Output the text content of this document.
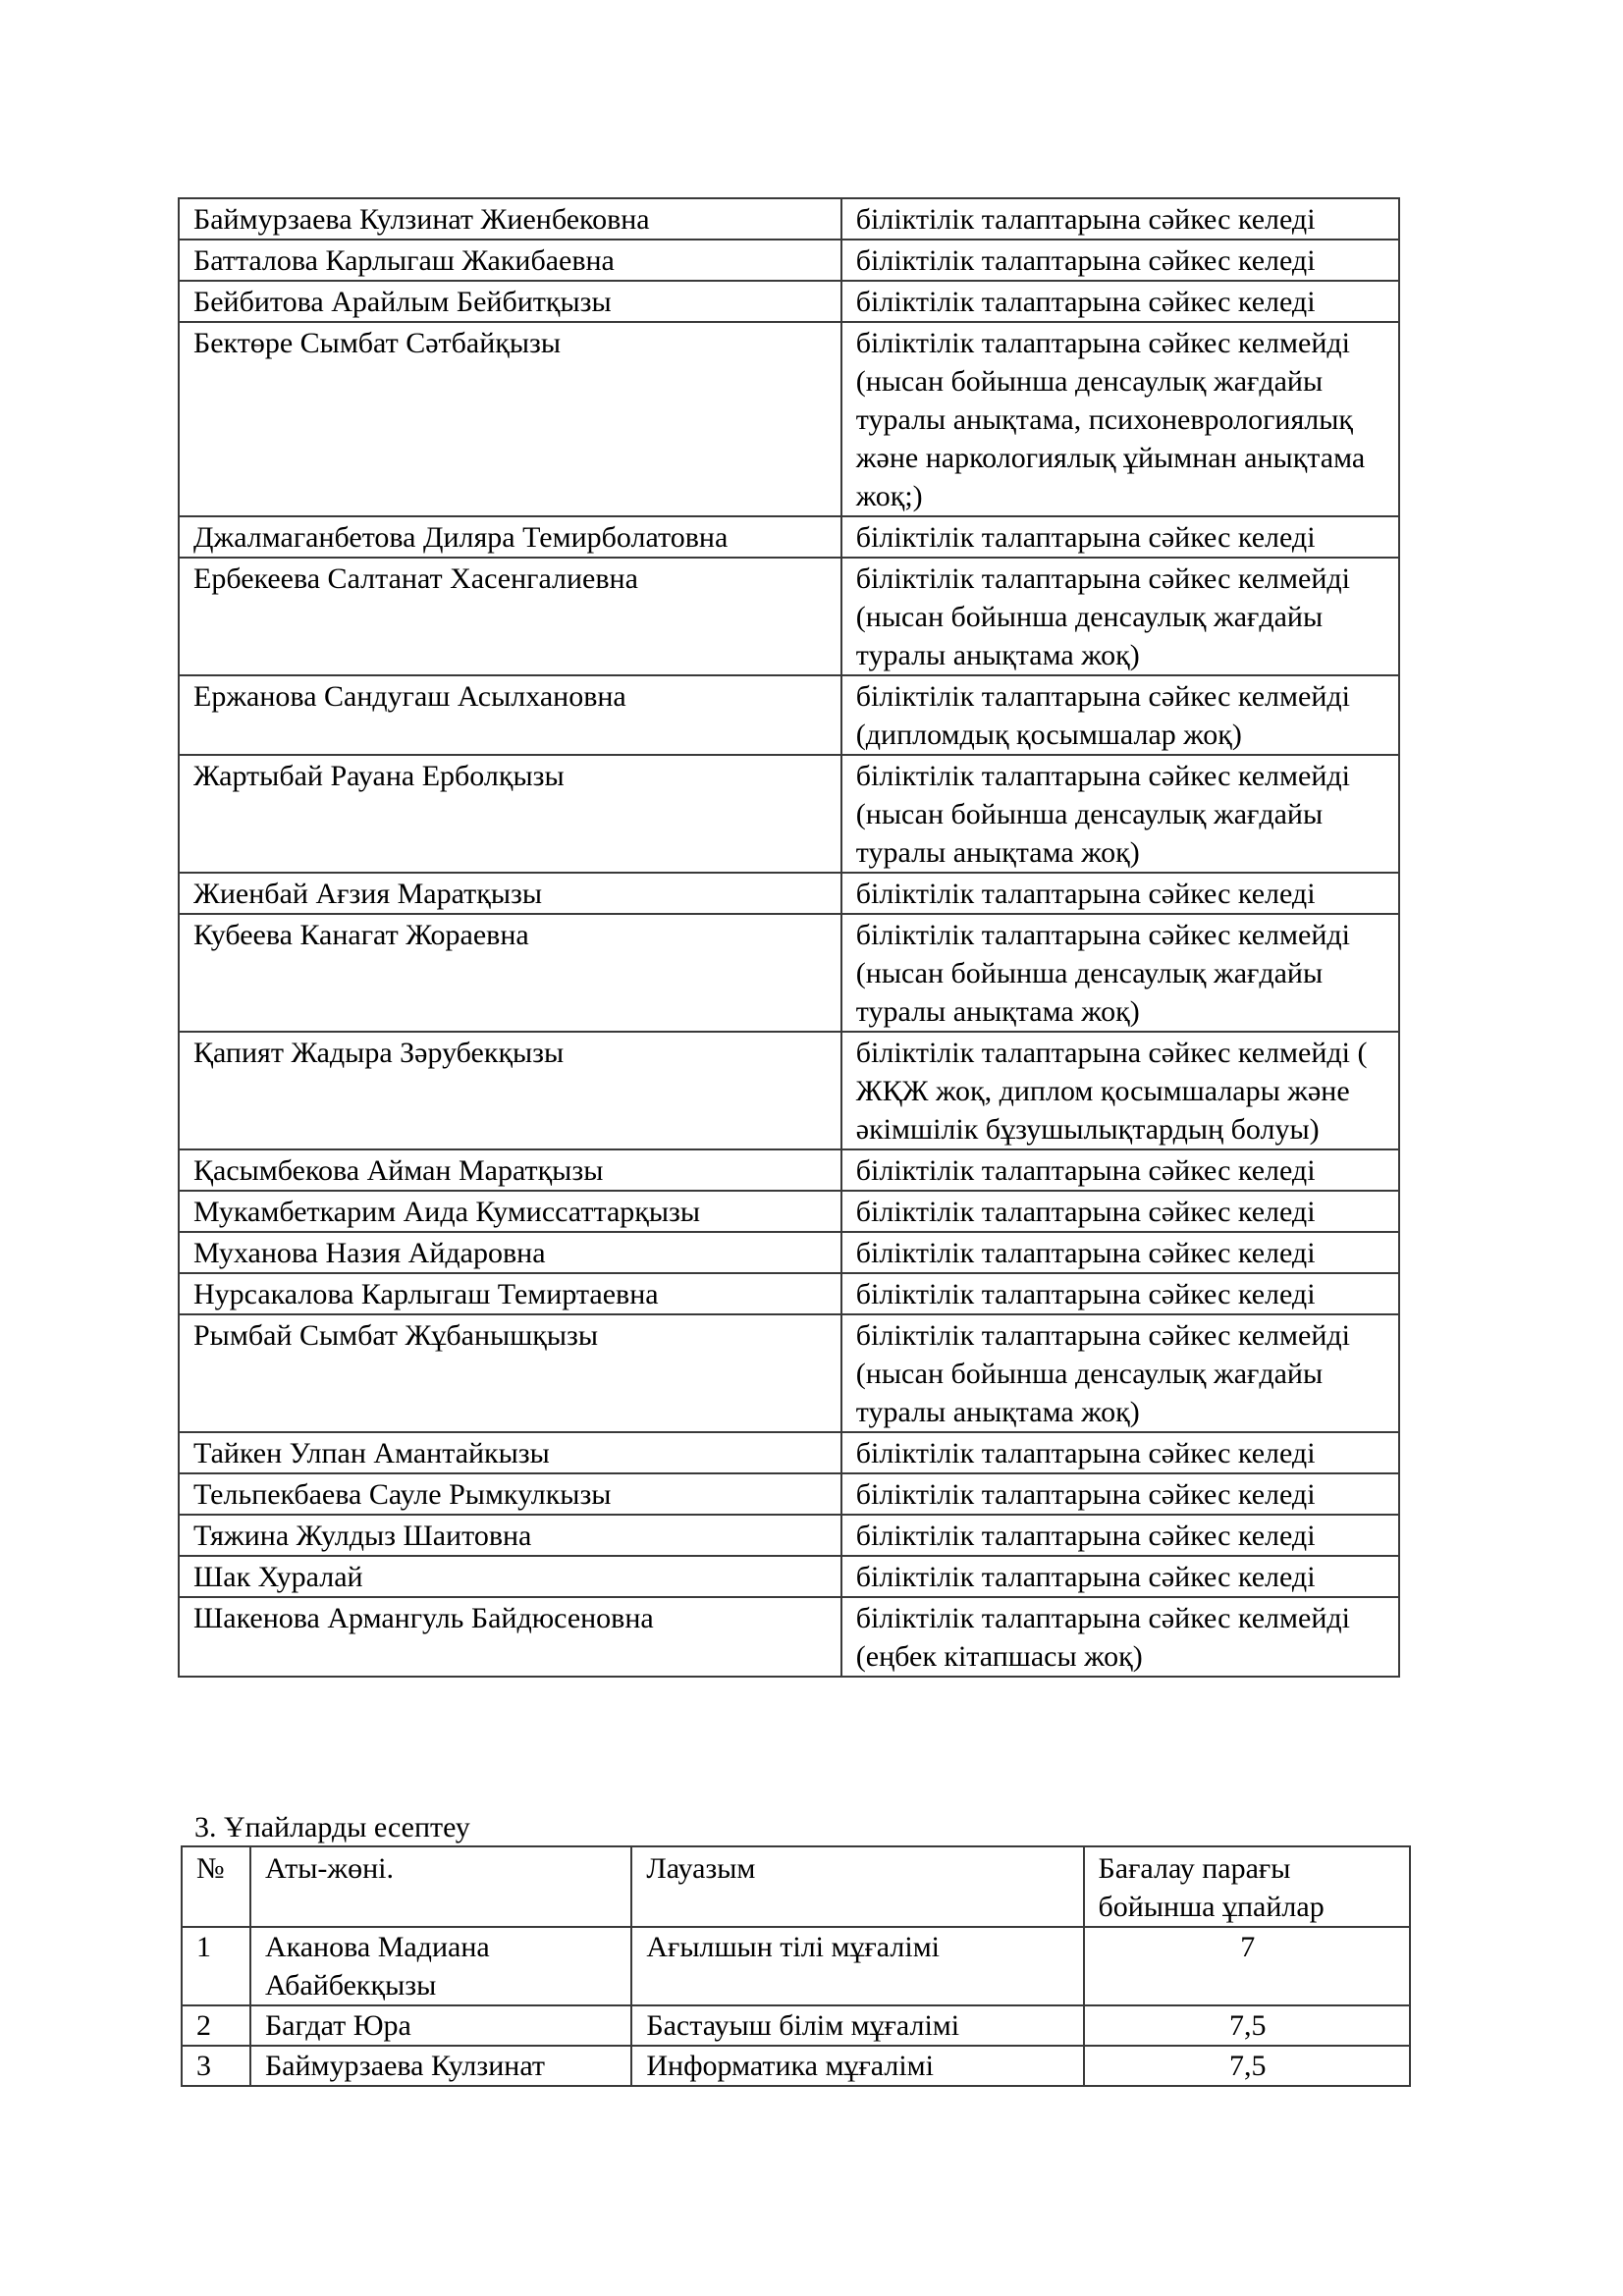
Баймурзаева Кулзинат Жиенбековна	біліктілік талаптарына сәйкес келеді
Батталова Карлыгаш Жакибаевна	біліктілік талаптарына сәйкес келеді
Бейбитова Арайлым Бейбитқызы	біліктілік талаптарына сәйкес келеді
Бектөре Сымбат Сәтбайқызы	біліктілік талаптарына сәйкес келмейді (нысан бойынша денсаулық жағдайы туралы анықтама, психоневрологиялық және наркологиялық ұйымнан анықтама жоқ;)
Джалмаганбетова Диляра Темирболатовна	біліктілік талаптарына сәйкес келеді
Ербекеева Салтанат Хасенгалиевна	біліктілік талаптарына сәйкес келмейді (нысан бойынша денсаулық жағдайы туралы анықтама жоқ)
Ержанова Сандугаш Асылхановна	біліктілік талаптарына сәйкес келмейді (дипломдық қосымшалар жоқ)
Жартыбай Рауана Ерболқызы	біліктілік талаптарына сәйкес келмейді (нысан бойынша денсаулық жағдайы туралы анықтама жоқ)
Жиенбай Ағзия Маратқызы	біліктілік талаптарына сәйкес келеді
Кубеева Канагат Жораевна	біліктілік талаптарына сәйкес келмейді (нысан бойынша денсаулық жағдайы туралы анықтама жоқ)
Қапият Жадыра Зәрубекқызы	біліктілік талаптарына сәйкес келмейді ( ЖҚЖ жоқ, диплом қосымшалары және әкімшілік бұзушылықтардың болуы)
Қасымбекова Айман Маратқызы	біліктілік талаптарына сәйкес келеді
Мукамбеткарим Аида Кумиссаттарқызы	біліктілік талаптарына сәйкес келеді
Муханова Назия Айдаровна	біліктілік талаптарына сәйкес келеді
Нурсакалова Карлыгаш Темиртаевна	біліктілік талаптарына сәйкес келеді
Рымбай Сымбат Жұбанышқызы	біліктілік талаптарына сәйкес келмейді (нысан бойынша денсаулық жағдайы туралы анықтама жоқ)
Тайкен Улпан Амантайкызы	біліктілік талаптарына сәйкес келеді
Тельпекбаева Сауле Рымкулкызы	біліктілік талаптарына сәйкес келеді
Тяжина Жулдыз Шаитовна	біліктілік талаптарына сәйкес келеді
Шак Хуралай	біліктілік талаптарына сәйкес келеді
Шакенова Армангуль Байдюсеновна	біліктілік талаптарына сәйкес келмейді (еңбек кітапшасы жоқ)
3. Ұпайларды есептеу
№	Аты-жөні.	Лауазым	Бағалау парағы бойынша ұпайлар
1	Аканова Мадиана Абайбекқызы	Ағылшын тілі мұғалімі	7
2	Багдат Юра	Бастауыш білім мұғалімі	7,5
3	Баймурзаева Кулзинат	Информатика мұғалімі	7,5
